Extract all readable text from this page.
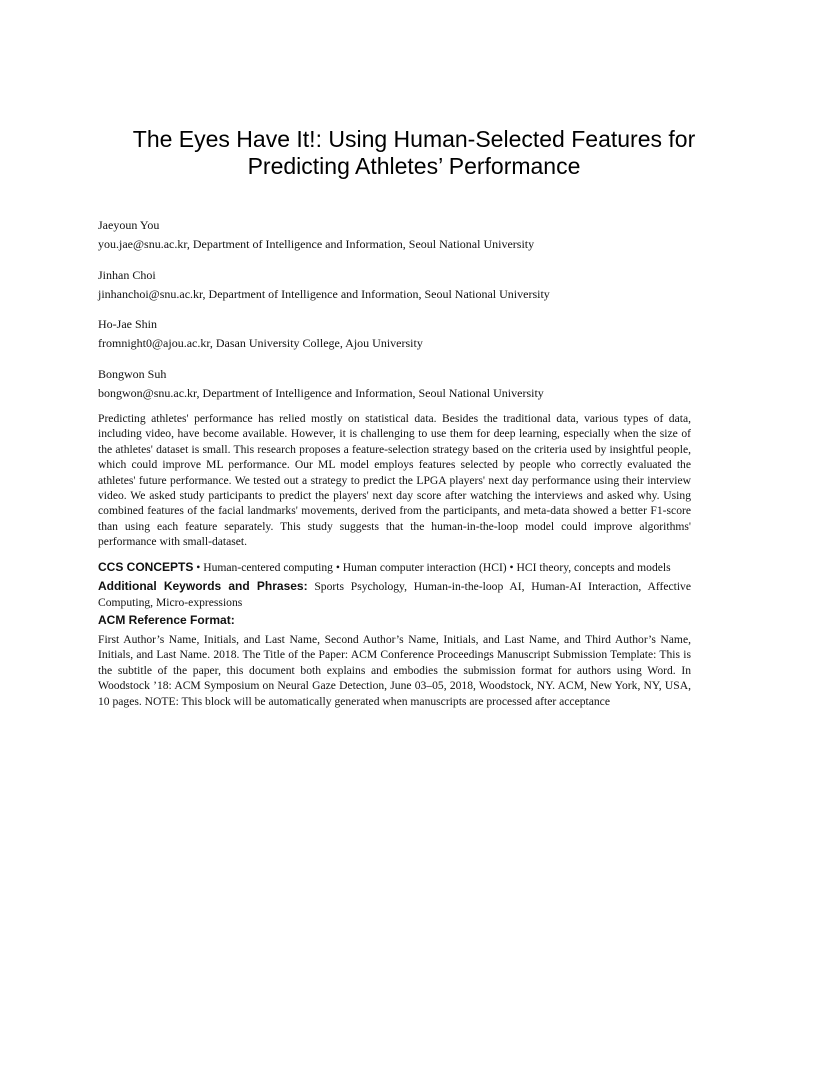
The Eyes Have It!: Using Human-Selected Features for
Predicting Athletes’ Performance
Jaeyoun You
you.jae@snu.ac.kr, Department of Intelligence and Information, Seoul National University
Jinhan Choi
jinhanchoi@snu.ac.kr, Department of Intelligence and Information, Seoul National University
Ho-Jae Shin
fromnight0@ajou.ac.kr, Dasan University College, Ajou University
Bongwon Suh
bongwon@snu.ac.kr, Department of Intelligence and Information, Seoul National University

Predicting athletes' performance has relied mostly on statistical data. Besides the traditional data, various types of data, including video, have become available. However, it is challenging to use them for deep learning, especially when the size of the athletes' dataset is small. This research proposes a feature-selection strategy based on the criteria used by insightful people, which could improve ML performance. Our ML model employs features selected by people who correctly evaluated the athletes' future performance. We tested out a strategy to predict the LPGA players' next day performance using their interview video. We asked study participants to predict the players' next day score after watching the interviews and asked why. Using combined features of the facial landmarks' movements, derived from the participants, and meta-data showed a better F1-score than using each feature separately. This study suggests that the human-in-the-loop model could improve algorithms' performance with small-dataset.

CCS CONCEPTS • Human-centered computing • Human computer interaction (HCI) • HCI theory, concepts and models

Additional Keywords and Phrases: Sports Psychology, Human-in-the-loop AI, Human-AI Interaction, Affective Computing, Micro-expressions

ACM Reference Format:

First Author’s Name, Initials, and Last Name, Second Author’s Name, Initials, and Last Name, and Third Author’s Name, Initials, and Last Name. 2018. The Title of the Paper: ACM Conference Proceedings Manuscript Submission Template: This is the subtitle of the paper, this document both explains and embodies the submission format for authors using Word. In Woodstock ’18: ACM Symposium on Neural Gaze Detection, June 03–05, 2018, Woodstock, NY. ACM, New York, NY, USA, 10 pages. NOTE: This block will be automatically generated when manuscripts are processed after acceptance
